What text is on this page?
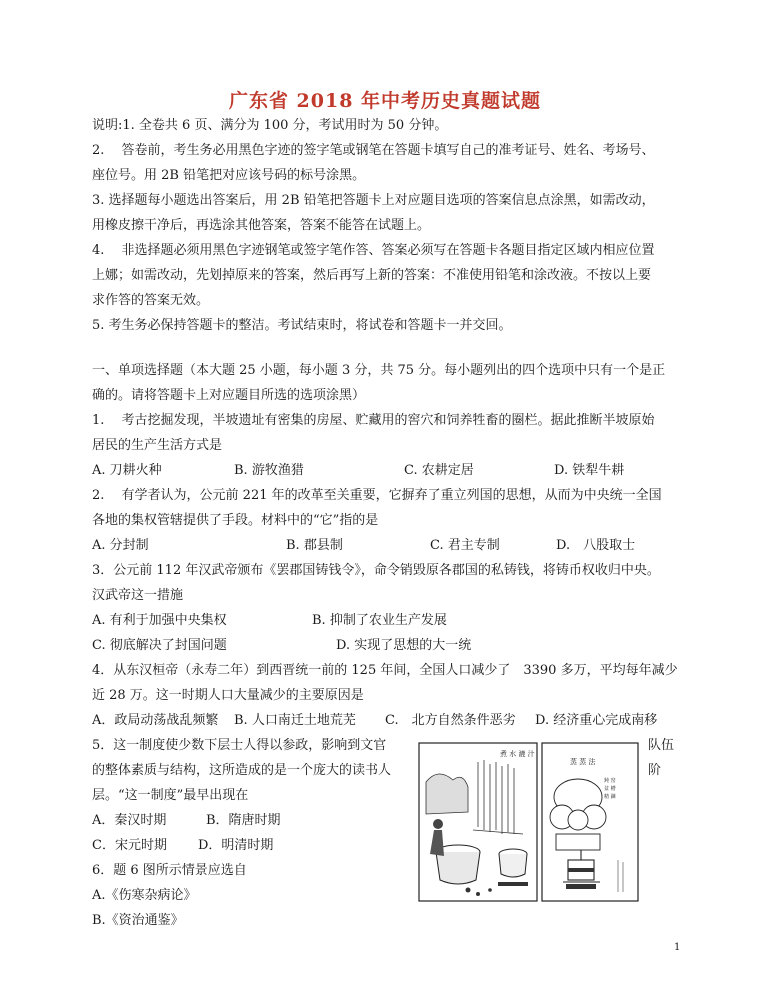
广东省 2018 年中考历史真题试题
说明:1. 全卷共 6 页、满分为 100 分，考试用时为 50 分钟。
2.　 答卷前，考生务必用黑色字迹的签字笔或钢笔在答题卡填写自己的准考证号、姓名、考场号、
座位号。用 2B 铅笔把对应该号码的标号涂黑。
3. 选择题每小题选出答案后，用 2B 铅笔把答题卡上对应题目选项的答案信息点涂黑，如需改动，
用橡皮擦干净后，再选涂其他答案，答案不能答在试题上。
4.　 非选择题必须用黑色字迹钢笔或签字笔作答、答案必须写在答题卡各题目指定区域内相应位置
上娜；如需改动，先划掉原来的答案，然后再写上新的答案：不准使用铅笔和涂改液。不按以上要
求作答的答案无效。
5. 考生务必保持答题卡的整洁。考试结束时，将试卷和答题卡一并交回。
一、单项选择题（本大题 25 小题，每小题 3 分，共 75 分。每小题列出的四个选项中只有一个是正
确的。请将答题卡上对应题目所选的选项涂黑）
1.　 考古挖掘发现，半坡遗址有密集的房屋、贮藏用的窖穴和饲养牲畜的圈栏。据此推断半坡原始
居民的生产生活方式是
A. 刀耕火种	B. 游牧渔猎	C. 农耕定居	D. 铁犁牛耕
2.　 有学者认为，公元前 221 年的改革至关重要，它摒弃了重立列国的思想，从而为中央统一全国
各地的集权管辖提供了手段。材料中的“它”指的是
A. 分封制	B. 郡县制	C. 君主专制	D.　八股取士
3．公元前 112 年汉武帝颁布《罢郡国铸钱令》，命令销毁原各郡国的私铸钱，将铸币权收归中央。
汉武帝这一措施
A. 有利于加强中央集权	B. 抑制了农业生产发展
C. 彻底解决了封国问题	D. 实现了思想的大一统
4．从东汉桓帝（永寿二年）到西晋统一前的 125 年间，全国人口减少了　3390 多万，平均每年减少
近 28 万。这一时期人口大量减少的主要原因是
A．政局动荡战乱频繁 B. 人口南迁土地荒芜 C.　北方自然条件恶劣 D. 经济重心完成南移
5．这一制度使少数下层士人得以参政，影响到文官
的整体素质与结构，这所造成的是一个庞大的读书人
层。“这一制度”最早出现在
队伍
阶
A．秦汉时期	B．隋唐时期
C．宋元时期 D．明清时期
6．题 6 图所示情景应选自
A.《伤寒杂病论》
B.《资治通鉴》
煮 水 漉 汁
蒸 蒸 法
鈍 窑
盆 槽
精 鍊
1
